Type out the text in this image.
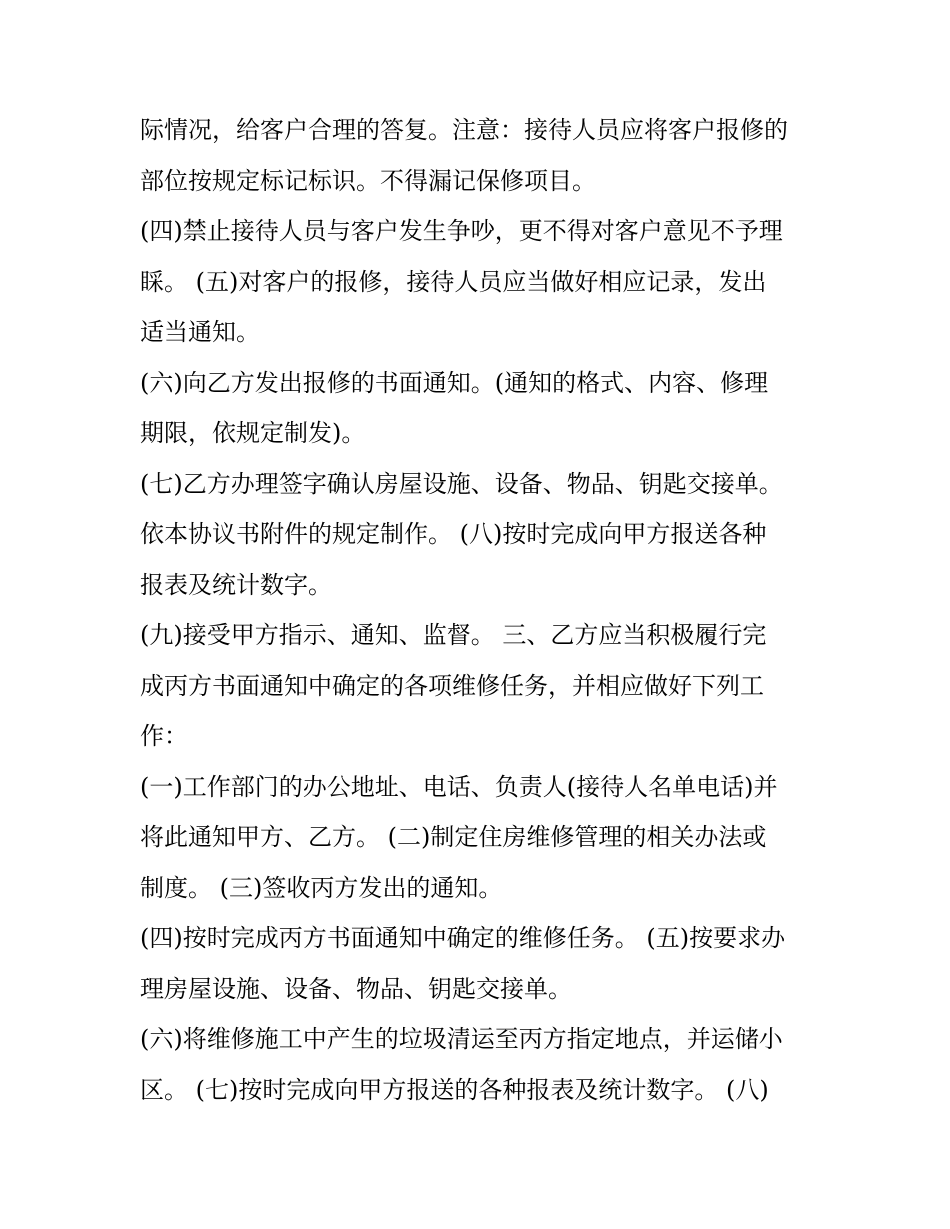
际情况，给客户合理的答复。注意：接待人员应将客户报修的
部位按规定标记标识。不得漏记保修项目。
(四)禁止接待人员与客户发生争吵，更不得对客户意见不予理
睬。 (五)对客户的报修，接待人员应当做好相应记录，发出
适当通知。
(六)向乙方发出报修的书面通知。(通知的格式、内容、修理
期限，依规定制发)。
(七)乙方办理签字确认房屋设施、设备、物品、钥匙交接单。
依本协议书附件的规定制作。 (八)按时完成向甲方报送各种
报表及统计数字。
(九)接受甲方指示、通知、监督。 三、乙方应当积极履行完
成丙方书面通知中确定的各项维修任务，并相应做好下列工
作：
(一)工作部门的办公地址、电话、负责人(接待人名单电话)并
将此通知甲方、乙方。 (二)制定住房维修管理的相关办法或
制度。 (三)签收丙方发出的通知。
(四)按时完成丙方书面通知中确定的维修任务。 (五)按要求办
理房屋设施、设备、物品、钥匙交接单。
(六)将维修施工中产生的垃圾清运至丙方指定地点，并运储小
区。 (七)按时完成向甲方报送的各种报表及统计数字。 (八)
